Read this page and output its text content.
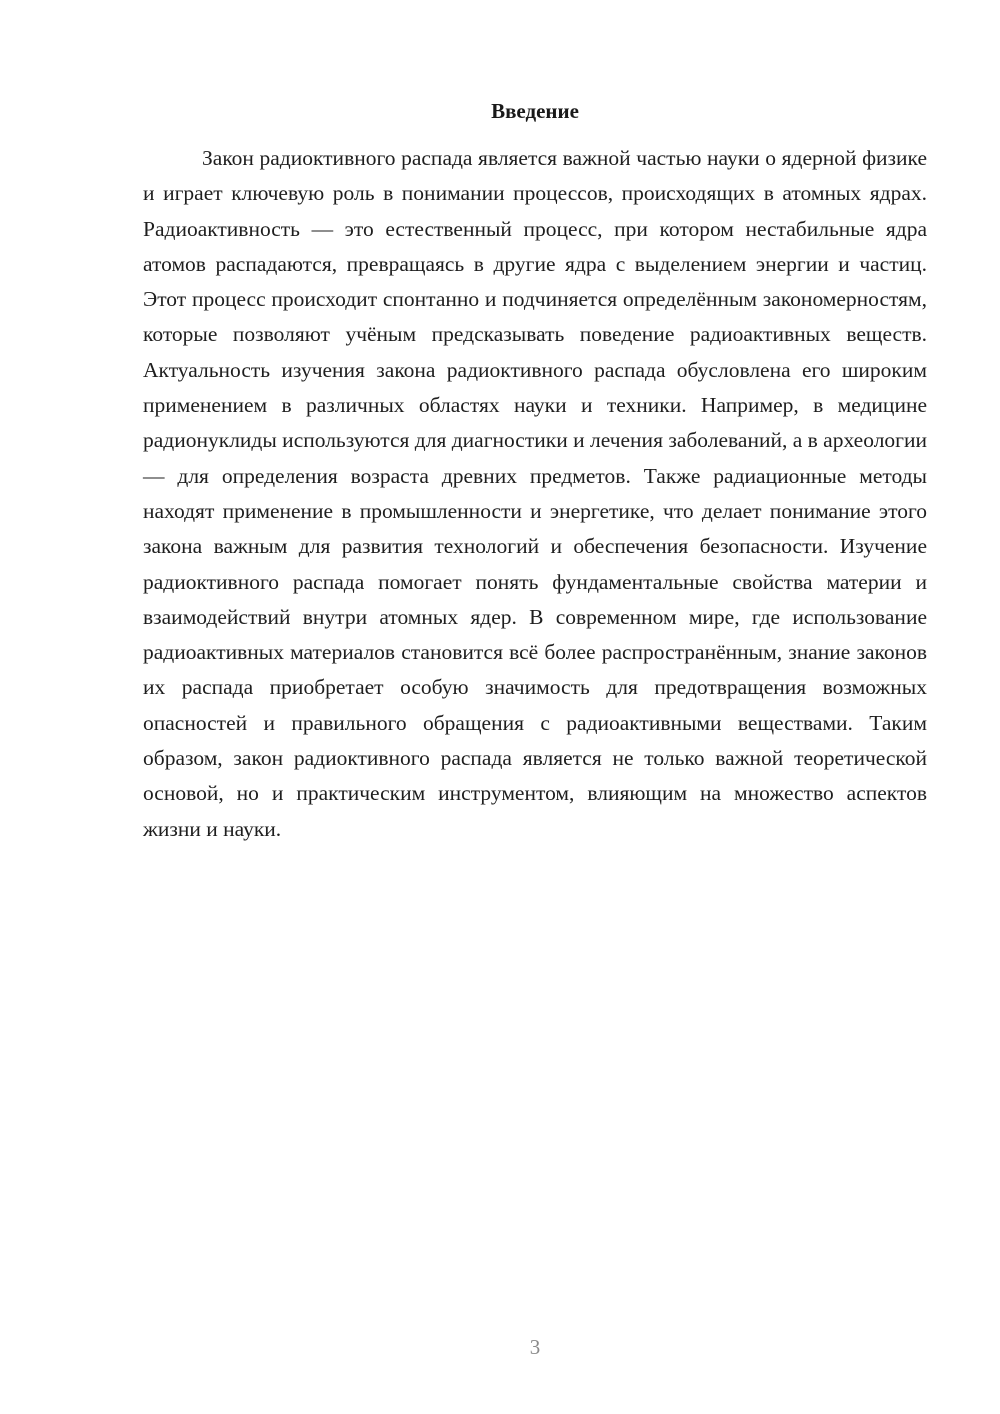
Введение

Закон радиоктивного распада является важной частью науки о ядерной физике и играет ключевую роль в понимании процессов, происходящих в атомных ядрах. Радиоактивность — это естественный процесс, при котором нестабильные ядра атомов распадаются, превращаясь в другие ядра с выделением энергии и частиц. Этот процесс происходит спонтанно и подчиняется определённым закономерностям, которые позволяют учёным предсказывать поведение радиоактивных веществ. Актуальность изучения закона радиоктивного распада обусловлена его широким применением в различных областях науки и техники. Например, в медицине радионуклиды используются для диагностики и лечения заболеваний, а в археологии — для определения возраста древних предметов. Также радиационные методы находят применение в промышленности и энергетике, что делает понимание этого закона важным для развития технологий и обеспечения безопасности. Изучение радиоктивного распада помогает понять фундаментальные свойства материи и взаимодействий внутри атомных ядер. В современном мире, где использование радиоактивных материалов становится всё более распространённым, знание законов их распада приобретает особую значимость для предотвращения возможных опасностей и правильного обращения с радиоактивными веществами. Таким образом, закон радиоктивного распада является не только важной теоретической основой, но и практическим инструментом, влияющим на множество аспектов жизни и науки.

3
